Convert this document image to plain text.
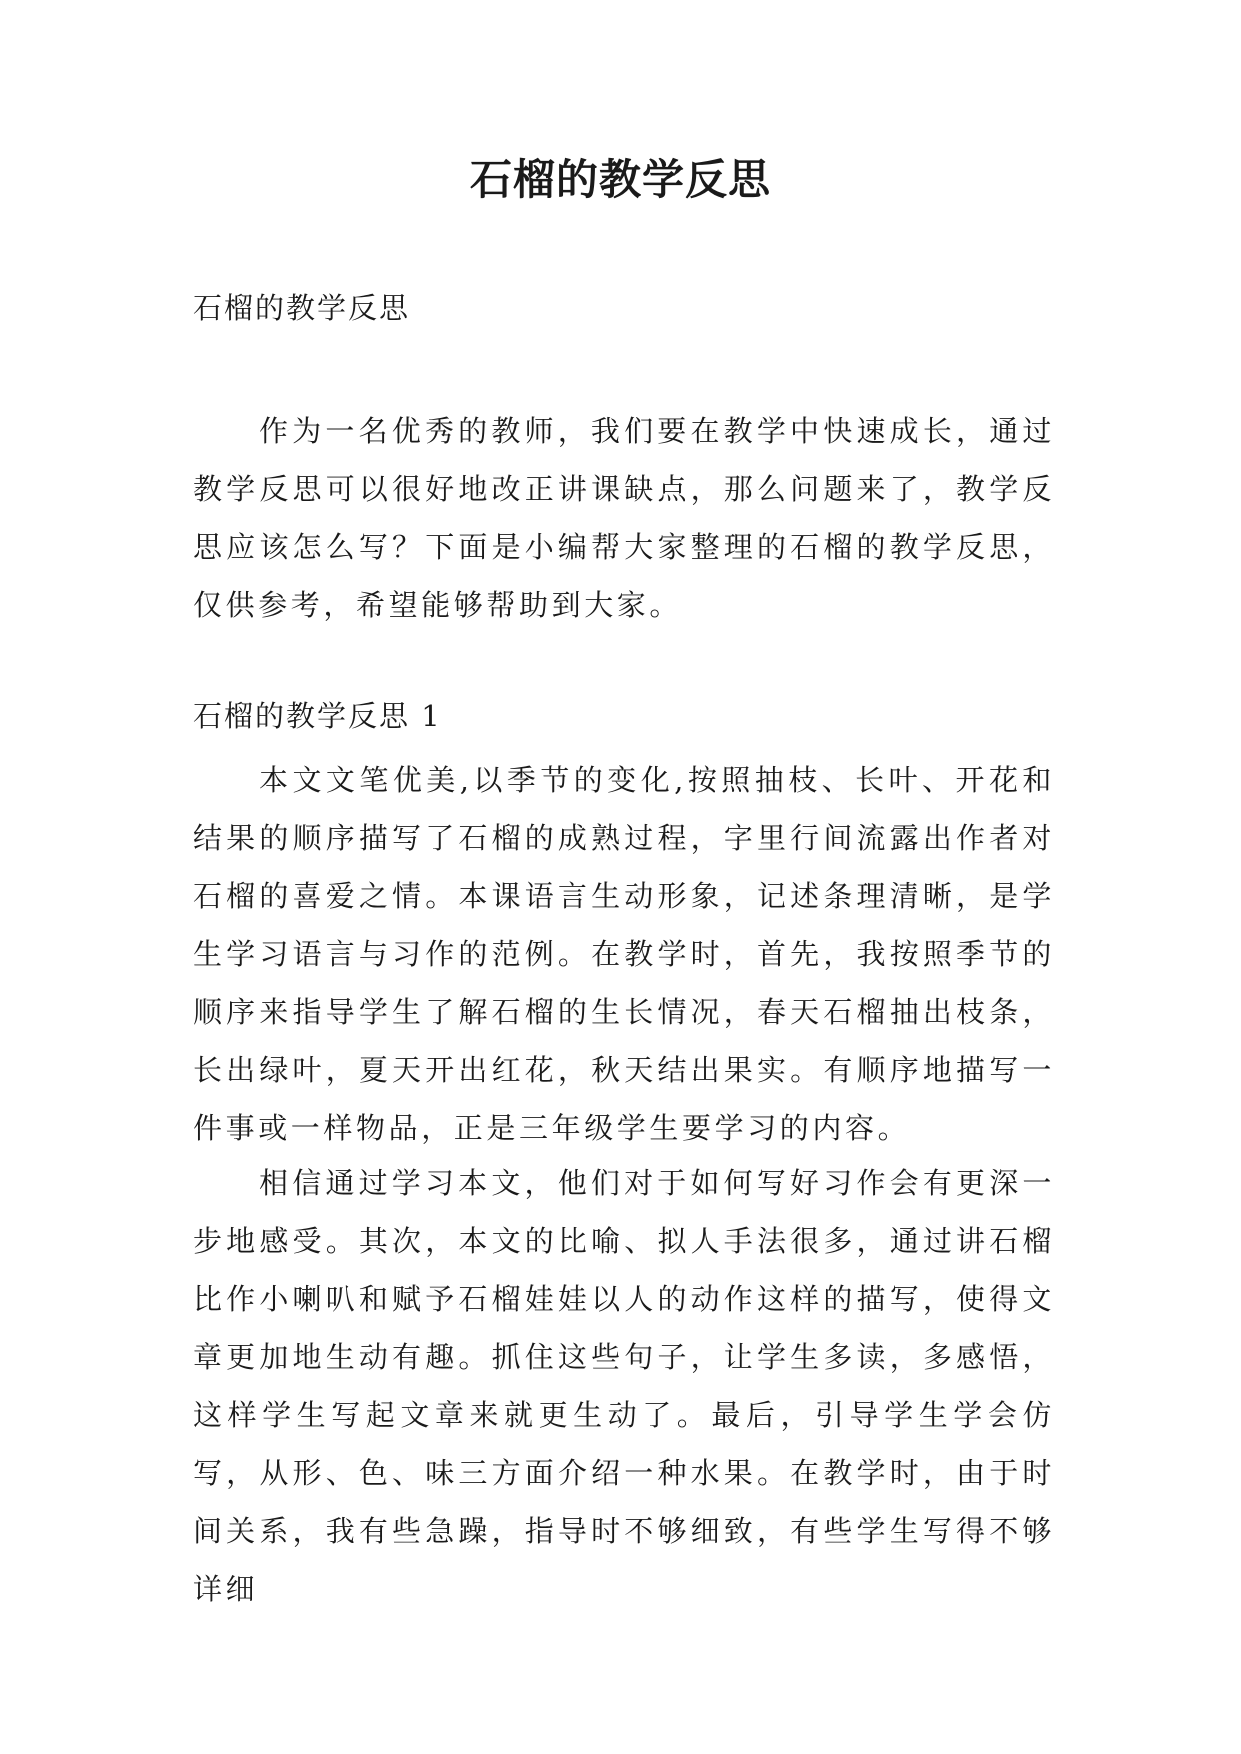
石榴的教学反思
石榴的教学反思

作为一名优秀的教师，我们要在教学中快速成长，通过教学反思可以很好地改正讲课缺点，那么问题来了，教学反思应该怎么写？下面是小编帮大家整理的石榴的教学反思，仅供参考，希望能够帮助到大家。

石榴的教学反思 1

本文文笔优美,以季节的变化,按照抽枝、长叶、开花和结果的顺序描写了石榴的成熟过程，字里行间流露出作者对石榴的喜爱之情。本课语言生动形象，记述条理清晰，是学生学习语言与习作的范例。在教学时，首先，我按照季节的顺序来指导学生了解石榴的生长情况，春天石榴抽出枝条，长出绿叶，夏天开出红花，秋天结出果实。有顺序地描写一件事或一样物品，正是三年级学生要学习的内容。

相信通过学习本文，他们对于如何写好习作会有更深一步地感受。其次，本文的比喻、拟人手法很多，通过讲石榴比作小喇叭和赋予石榴娃娃以人的动作这样的描写，使得文章更加地生动有趣。抓住这些句子，让学生多读，多感悟，这样学生写起文章来就更生动了。最后，引导学生学会仿写，从形、色、味三方面介绍一种水果。在教学时，由于时间关系，我有些急躁，指导时不够细致，有些学生写得不够详细
